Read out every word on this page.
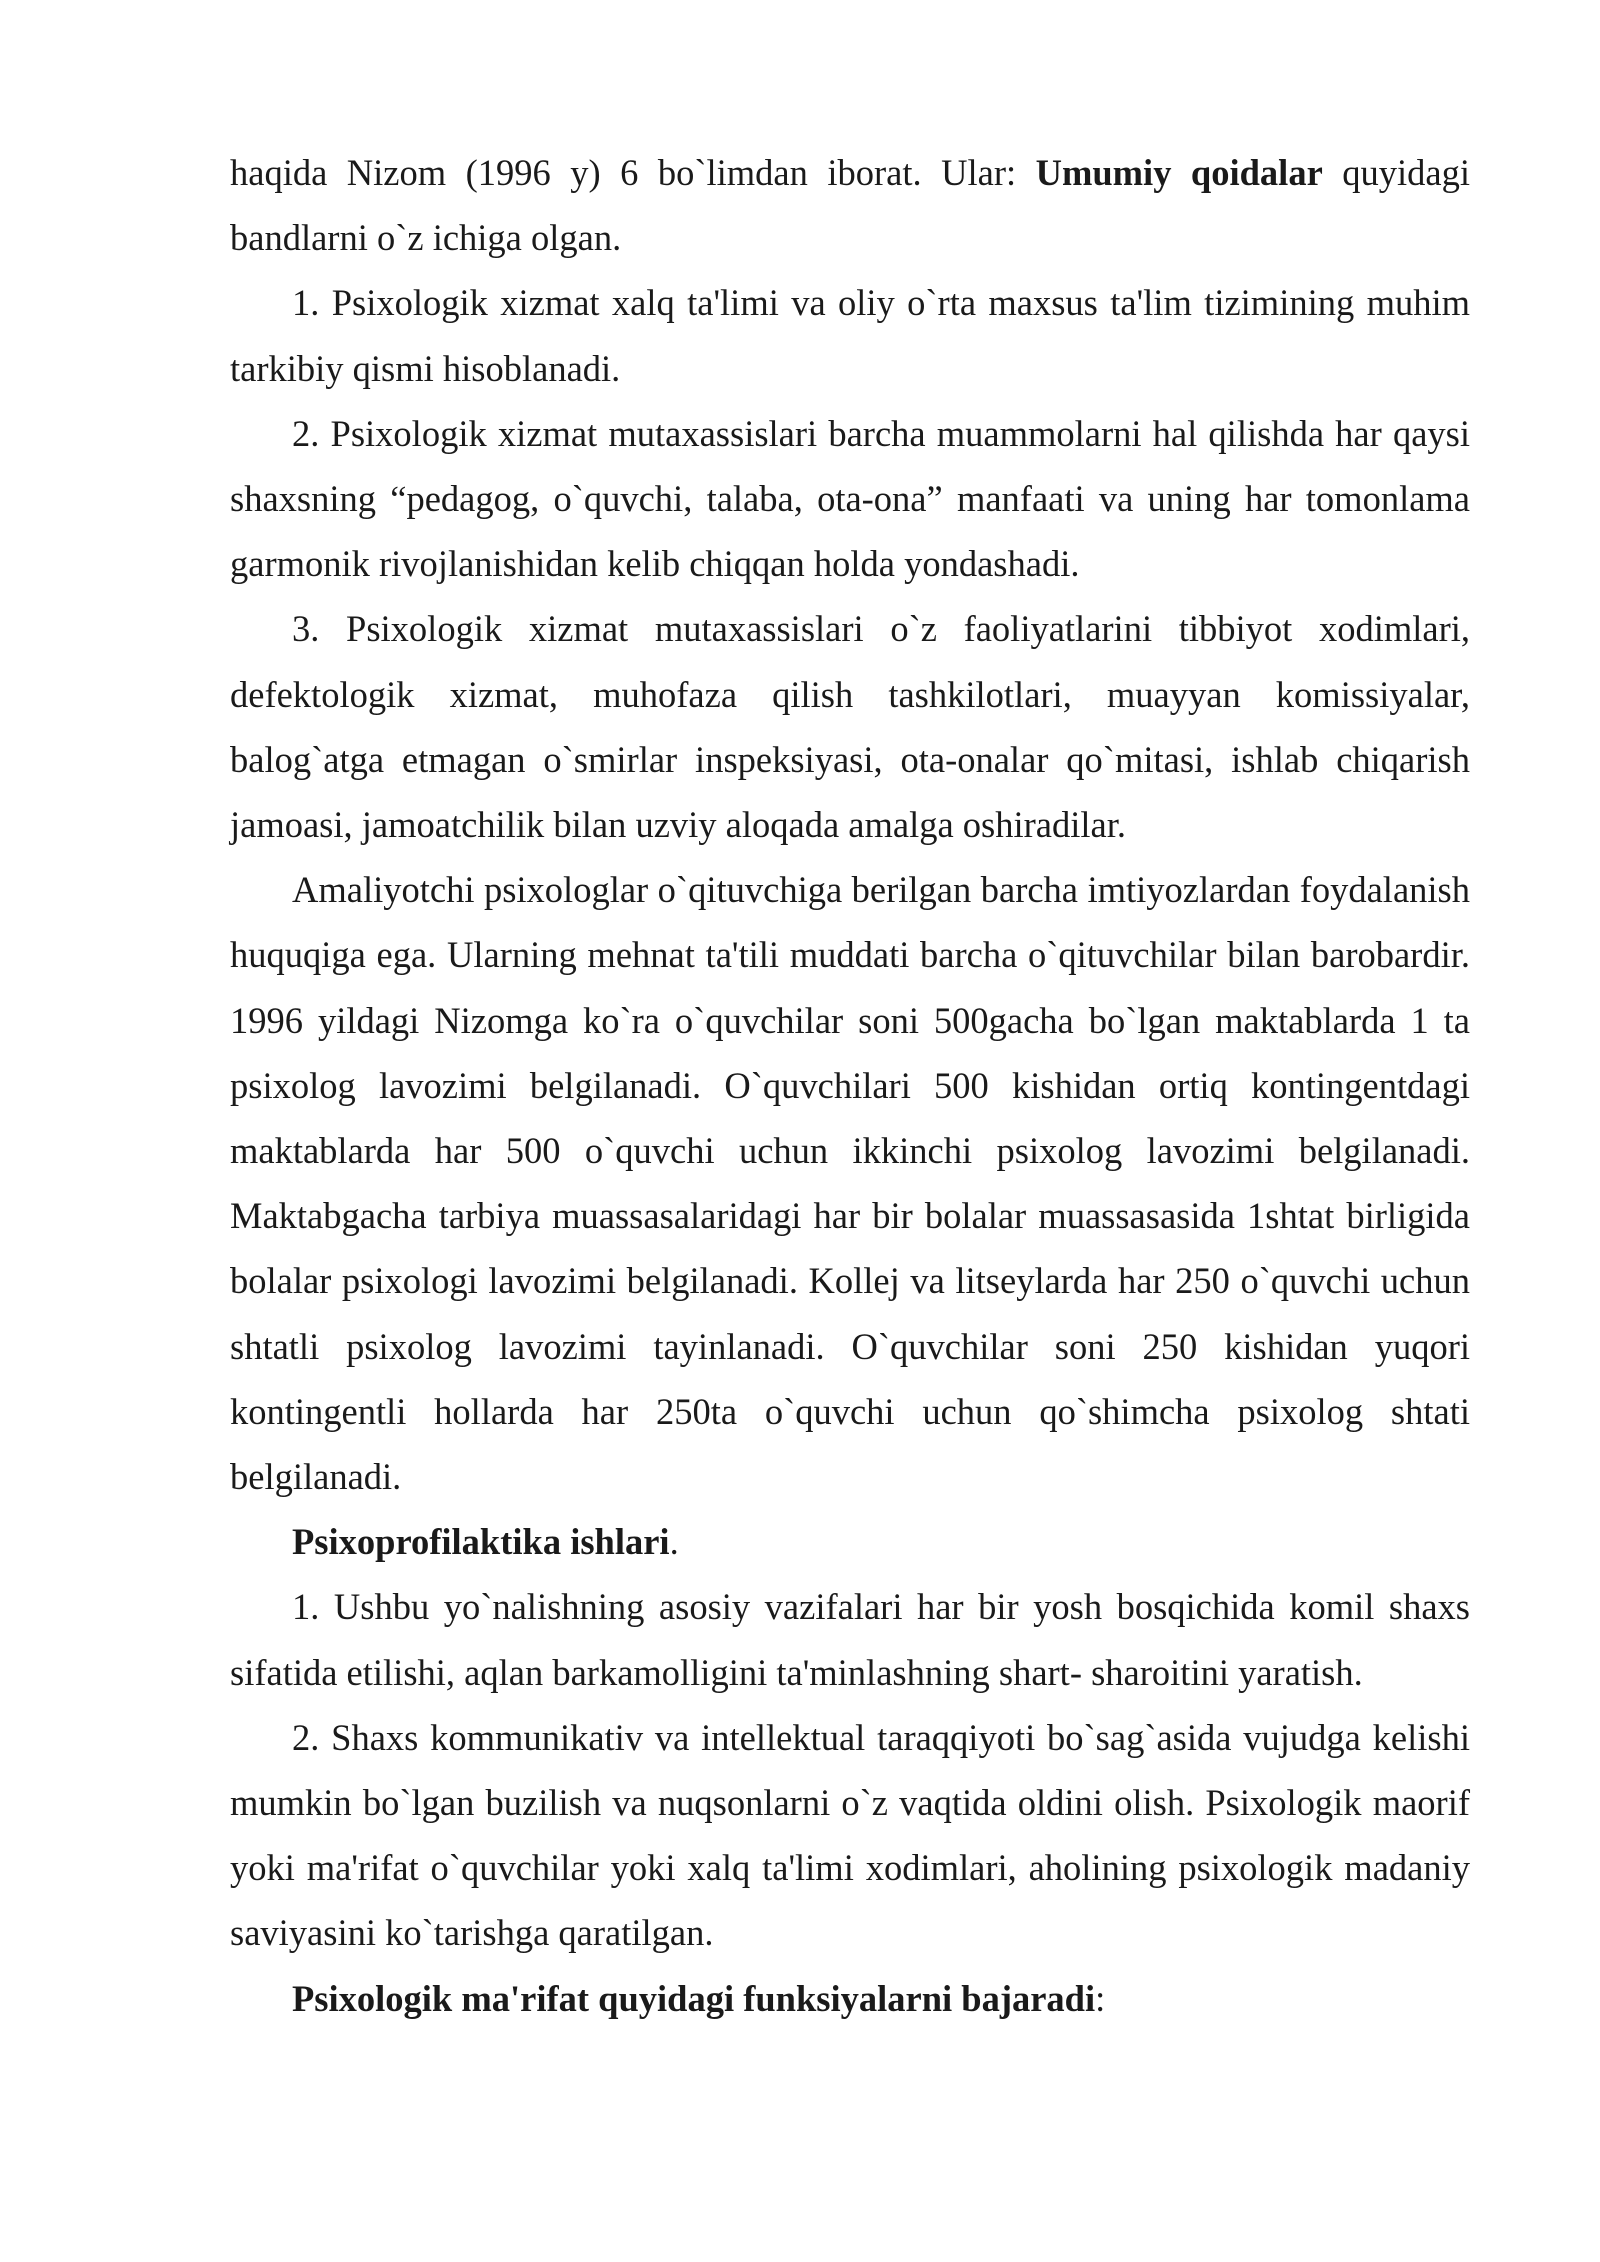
haqida Nizom (1996 y) 6 bo`limdan iborat. Ular: Umumiy qoidalar quyidagi bandlarni o`z ichiga olgan.

1. Psixologik xizmat xalq ta'limi va oliy o`rta maxsus ta'lim tizimining muhim tarkibiy qismi hisoblanadi.

2. Psixologik xizmat mutaxassislari barcha muammolarni hal qilishda har qaysi shaxsning “pedagog, o`quvchi, talaba, ota-ona” manfaati va uning har tomonlama garmonik rivojlanishidan kelib chiqqan holda yondashadi.

3. Psixologik xizmat mutaxassislari o`z faoliyatlarini tibbiyot xodimlari, defektologik xizmat, muhofaza qilish tashkilotlari, muayyan komissiyalar, balog`atga etmagan o`smirlar inspeksiyasi, ota-onalar qo`mitasi, ishlab chiqarish jamoasi, jamoatchilik bilan uzviy aloqada amalga oshiradilar.

Amaliyotchi psixologlar o`qituvchiga berilgan barcha imtiyozlardan foydalanish huquqiga ega. Ularning mehnat ta'tili muddati barcha o`qituvchilar bilan barobardir. 1996 yildagi Nizomga ko`ra o`quvchilar soni 500gacha bo`lgan maktablarda 1 ta psixolog lavozimi belgilanadi. O`quvchilari 500 kishidan ortiq kontingentdagi maktablarda har 500 o`quvchi uchun ikkinchi psixolog lavozimi belgilanadi. Maktabgacha tarbiya muassasalaridagi har bir bolalar muassasasida 1shtat birligida bolalar psixologi lavozimi belgilanadi. Kollej va litseylarda har 250 o`quvchi uchun shtatli psixolog lavozimi tayinlanadi. O`quvchilar soni 250 kishidan yuqori kontingentli hollarda har 250ta o`quvchi uchun qo`shimcha psixolog shtati belgilanadi.

Psixoprofilaktika ishlari.

1. Ushbu yo`nalishning asosiy vazifalari har bir yosh bosqichida komil shaxs sifatida etilishi, aqlan barkamolligini ta'minlashning shart- sharoitini yaratish.

2. Shaxs kommunikativ va intellektual taraqqiyoti bo`sag`asida vujudga kelishi mumkin bo`lgan buzilish va nuqsonlarni o`z vaqtida oldini olish. Psixologik maorif yoki ma'rifat o`quvchilar yoki xalq ta'limi xodimlari, aholining psixologik madaniy saviyasini ko`tarishga qaratilgan.

Psixologik ma'rifat quyidagi funksiyalarni bajaradi:
